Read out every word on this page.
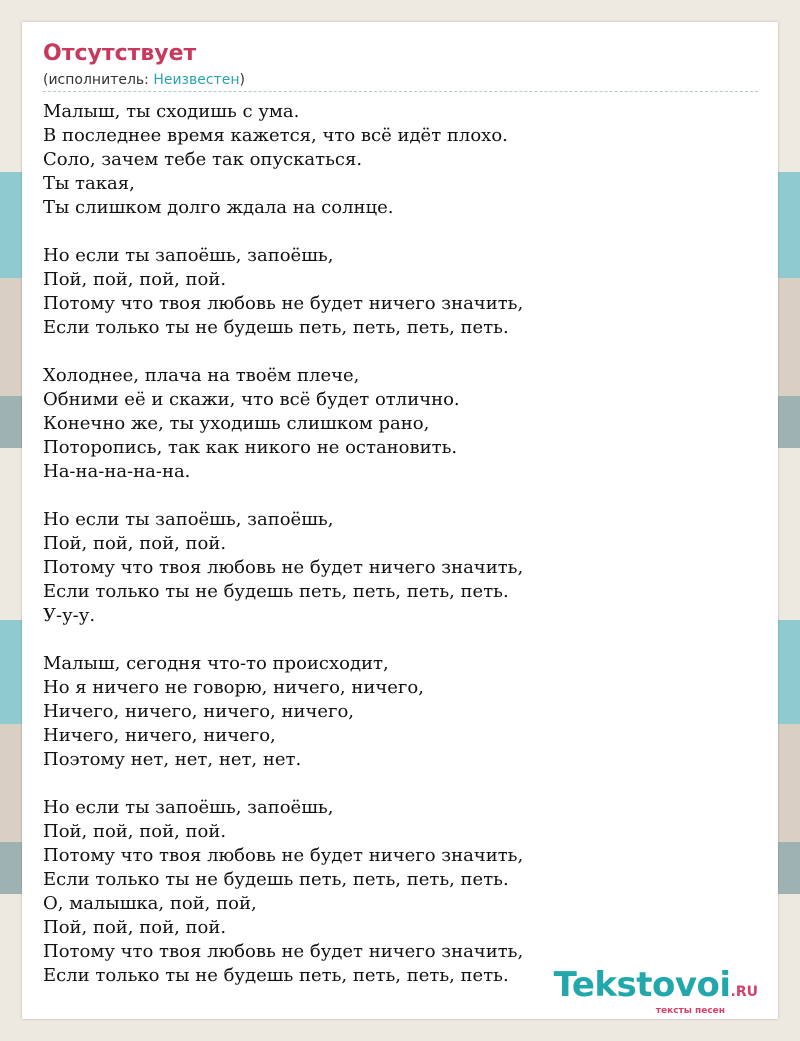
Отсутствует
(исполнитель: Неизвестен)
Малыш, ты сходишь с ума.
В последнее время кажется, что всё идёт плохо.
Соло, зачем тебе так опускаться.
Ты такая,
Ты слишком долго ждала на солнце.
Но если ты запоёшь, запоёшь,
Пой, пой, пой, пой.
Потому что твоя любовь не будет ничего значить,
Если только ты не будешь петь, петь, петь, петь.
Холоднее, плача на твоём плече,
Обними её и скажи, что всё будет отлично.
Конечно же, ты уходишь слишком рано,
Поторопись, так как никого не остановить.
На-на-на-на-на.
Но если ты запоёшь, запоёшь,
Пой, пой, пой, пой.
Потому что твоя любовь не будет ничего значить,
Если только ты не будешь петь, петь, петь, петь.
У-у-у.
Малыш, сегодня что-то происходит,
Но я ничего не говорю, ничего, ничего,
Ничего, ничего, ничего, ничего,
Ничего, ничего, ничего,
Поэтому нет, нет, нет, нет.
Но если ты запоёшь, запоёшь,
Пой, пой, пой, пой.
Потому что твоя любовь не будет ничего значить,
Если только ты не будешь петь, петь, петь, петь.
О, малышка, пой, пой,
Пой, пой, пой, пой.
Потому что твоя любовь не будет ничего значить,
Если только ты не будешь петь, петь, петь, петь.	Tekstovoi.RU
тексты песен
